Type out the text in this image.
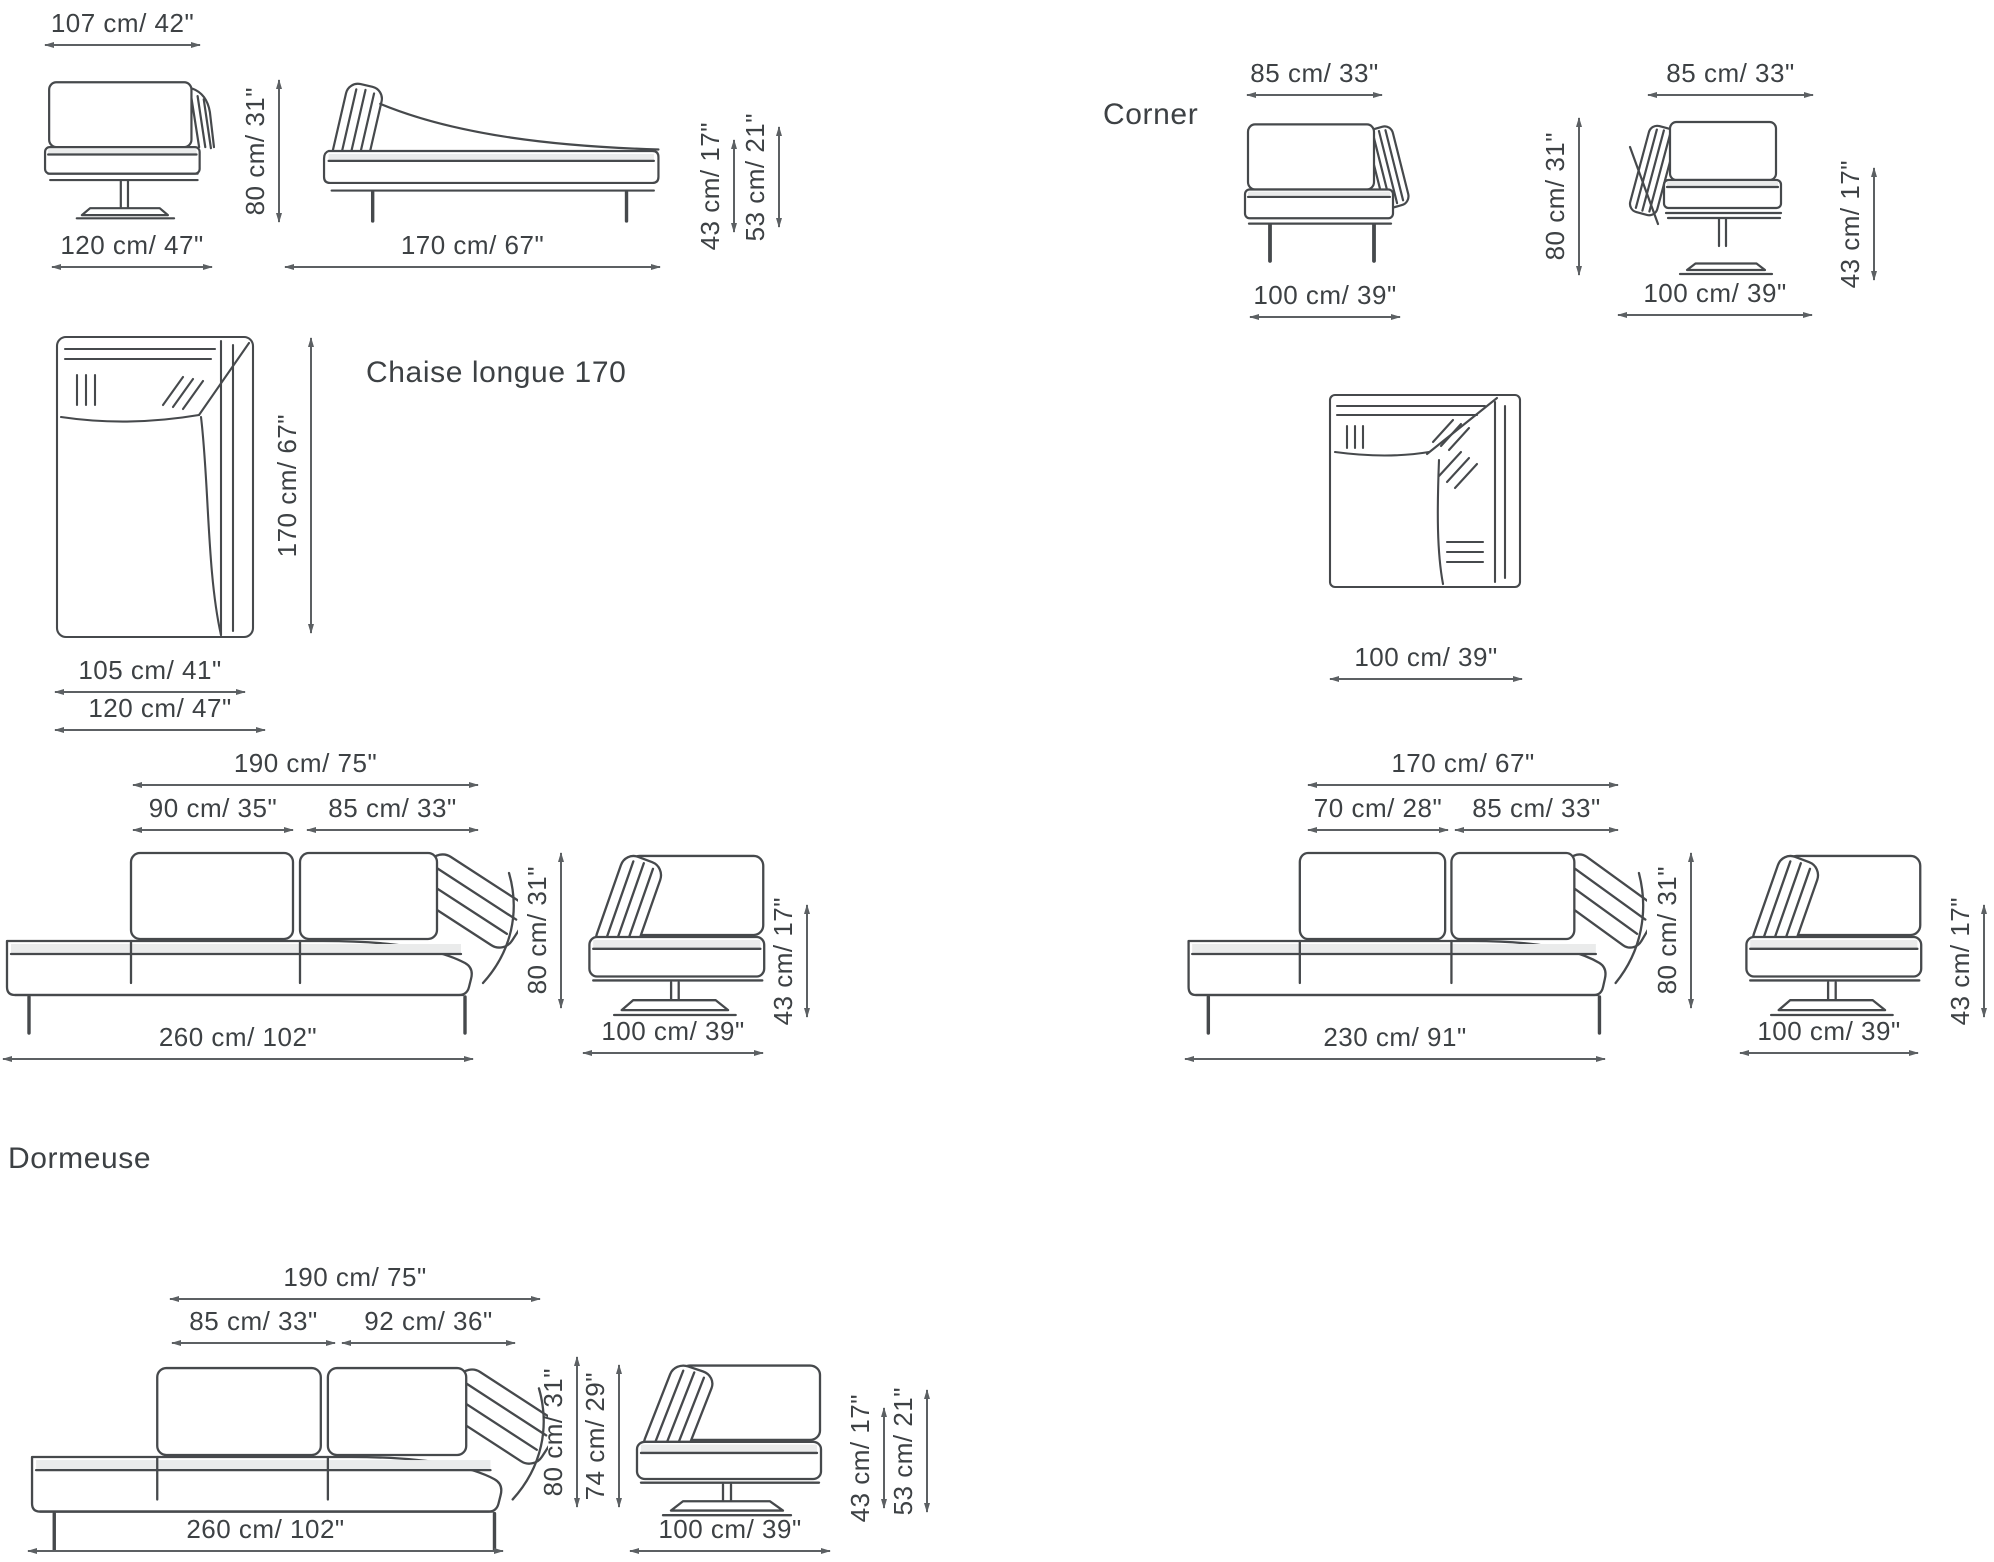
107 cm/ 42"
120 cm/ 47"
80 cm/ 31"
170 cm/ 67"	43 cm/ 17" 53 cm/ 21"
170 cm/ 67"
Chaise longue 170
105 cm/ 41"
120 cm/ 47"
190 cm/ 75"
90 cm/ 35" 85 cm/ 33"
80 cm/ 31"
260 cm/ 102"	100 cm/ 39"
43 cm/ 17"
Corner
85 cm/ 33"
100 cm/ 39"
80 cm/ 31"
85 cm/ 33"
100 cm/ 39"
43 cm/ 17"
100 cm/ 39"
170 cm/ 67"
70 cm/ 28" 85 cm/ 33"
80 cm/ 31"
230 cm/ 91"	100 cm/ 39"
43 cm/ 17"
Dormeuse
190 cm/ 75"
85 cm/ 33" 92 cm/ 36"
80 cm/ 31" 74 cm/ 29"
260 cm/ 102"	100 cm/ 39"
43 cm/ 17" 53 cm/ 21"
